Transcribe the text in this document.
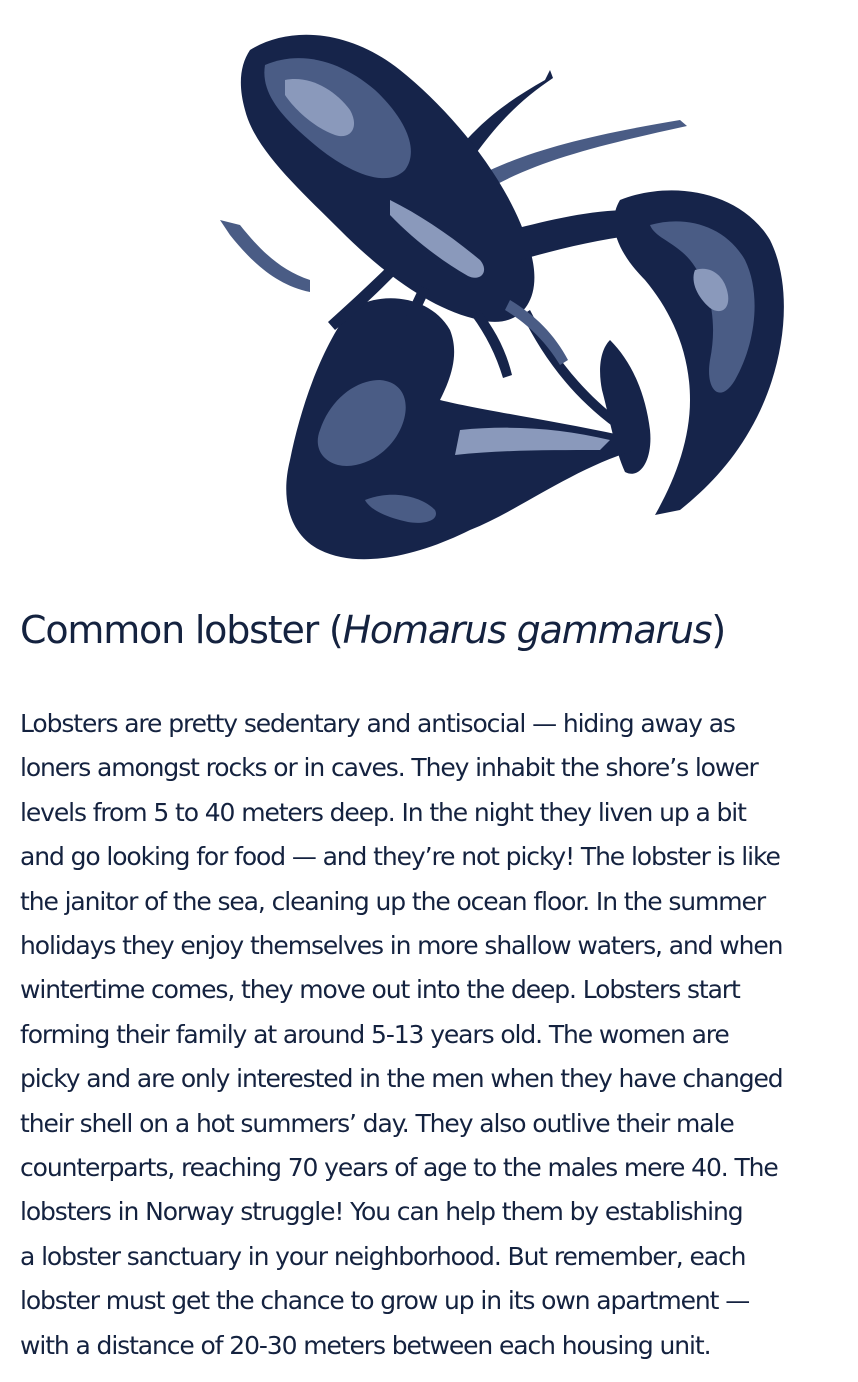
Common lobster (Homarus gammarus)
Lobsters are pretty sedentary and antisocial — hiding away as
loners amongst rocks or in caves. They inhabit the shore’s lower
levels from 5 to 40 meters deep. In the night they liven up a bit
and go looking for food — and they’re not picky! The lobster is like
the janitor of the sea, cleaning up the ocean floor. In the summer
holidays they enjoy themselves in more shallow waters, and when
wintertime comes, they move out into the deep. Lobsters start
forming their family at around 5-13 years old. The women are
picky and are only interested in the men when they have changed
their shell on a hot summers’ day. They also outlive their male
counterparts, reaching 70 years of age to the males mere 40. The
lobsters in Norway struggle! You can help them by establishing
a lobster sanctuary in your neighborhood. But remember, each
lobster must get the chance to grow up in its own apartment —
with a distance of 20-30 meters between each housing unit.
